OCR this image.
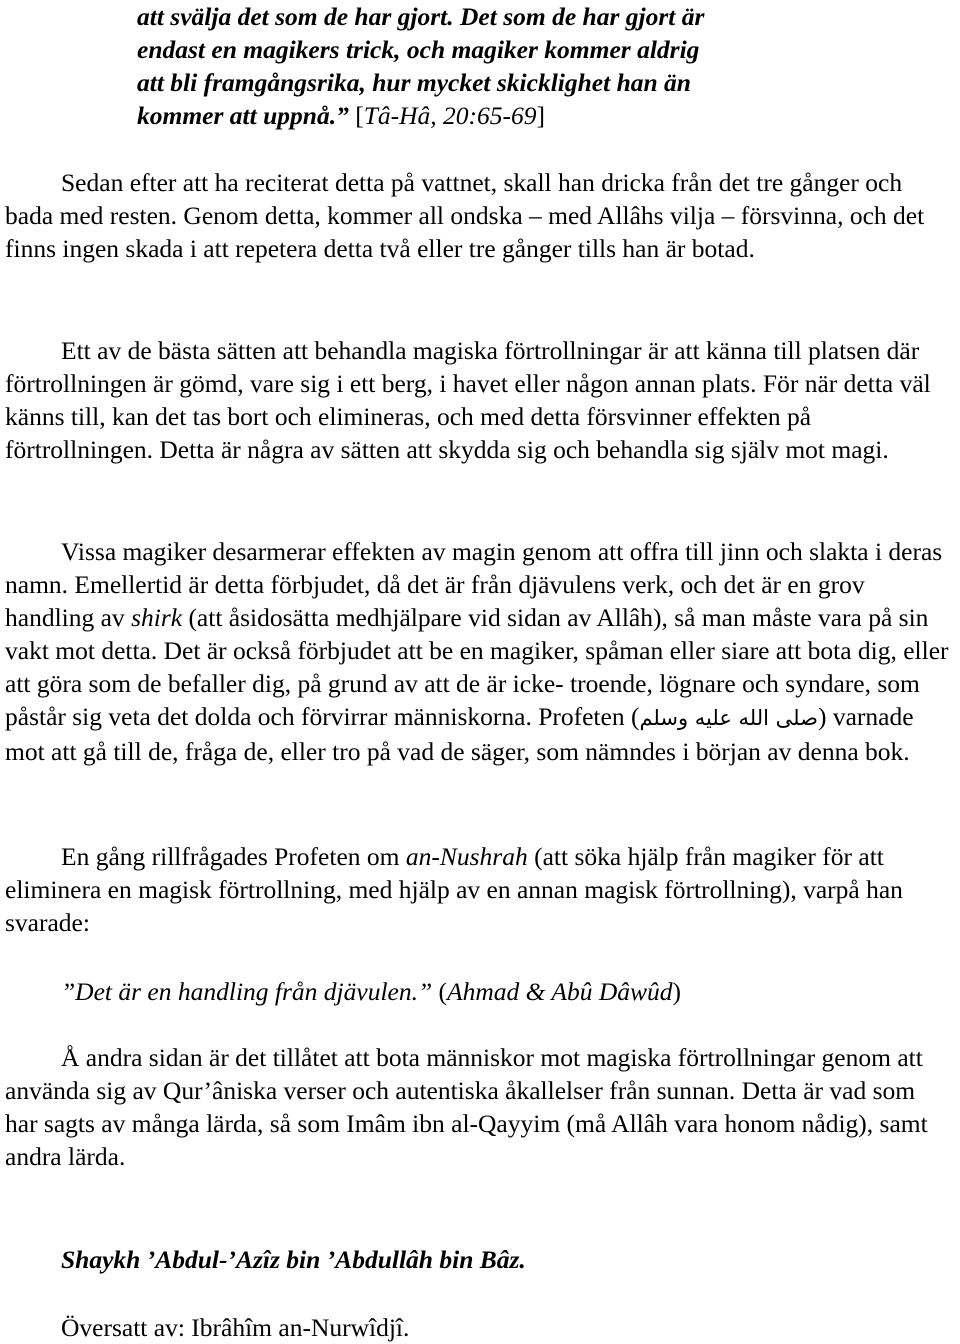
att svälja det som de har gjort. Det som de har gjort är
endast en magikers trick, och magiker kommer aldrig
att bli framgångsrika, hur mycket skicklighet han än
kommer att uppnå.” [Tâ-Hâ, 20:65-69]

Sedan efter att ha reciterat detta på vattnet, skall han dricka från det tre gånger och bada med resten. Genom detta, kommer all ondska – med Allâhs vilja – försvinna, och det finns ingen skada i att repetera detta två eller tre gånger tills han är botad.

Ett av de bästa sätten att behandla magiska förtrollningar är att känna till platsen där förtrollningen är gömd, vare sig i ett berg, i havet eller någon annan plats. För när detta väl känns till, kan det tas bort och elimineras, och med detta försvinner effekten på förtrollningen. Detta är några av sätten att skydda sig och behandla sig själv mot magi.

Vissa magiker desarmerar effekten av magin genom att offra till jinn och slakta i deras namn. Emellertid är detta förbjudet, då det är från djävulens verk, och det är en grov handling av shirk (att åsidosätta medhjälpare vid sidan av Allâh), så man måste vara på sin vakt mot detta. Det är också förbjudet att be en magiker, spåman eller siare att bota dig, eller att göra som de befaller dig, på grund av att de är icke- troende, lögnare och syndare, som påstår sig veta det dolda och förvirrar människorna. Profeten (صلى الله عليه وسلم) varnade mot att gå till de, fråga de, eller tro på vad de säger, som nämndes i början av denna bok.

En gång rillfrågades Profeten om an-Nushrah (att söka hjälp från magiker för att eliminera en magisk förtrollning, med hjälp av en annan magisk förtrollning), varpå han svarade:

”Det är en handling från djävulen.” (Ahmad & Abû Dâwûd)

Å andra sidan är det tillåtet att bota människor mot magiska förtrollningar genom att använda sig av Qur’âniska verser och autentiska åkallelser från sunnan. Detta är vad som har sagts av många lärda, så som Imâm ibn al-Qayyim (må Allâh vara honom nådig), samt andra lärda.

Shaykh ’Abdul-’Azîz bin ’Abdullâh bin Bâz.

Översatt av: Ibrâhîm an-Nurwîdjî.
